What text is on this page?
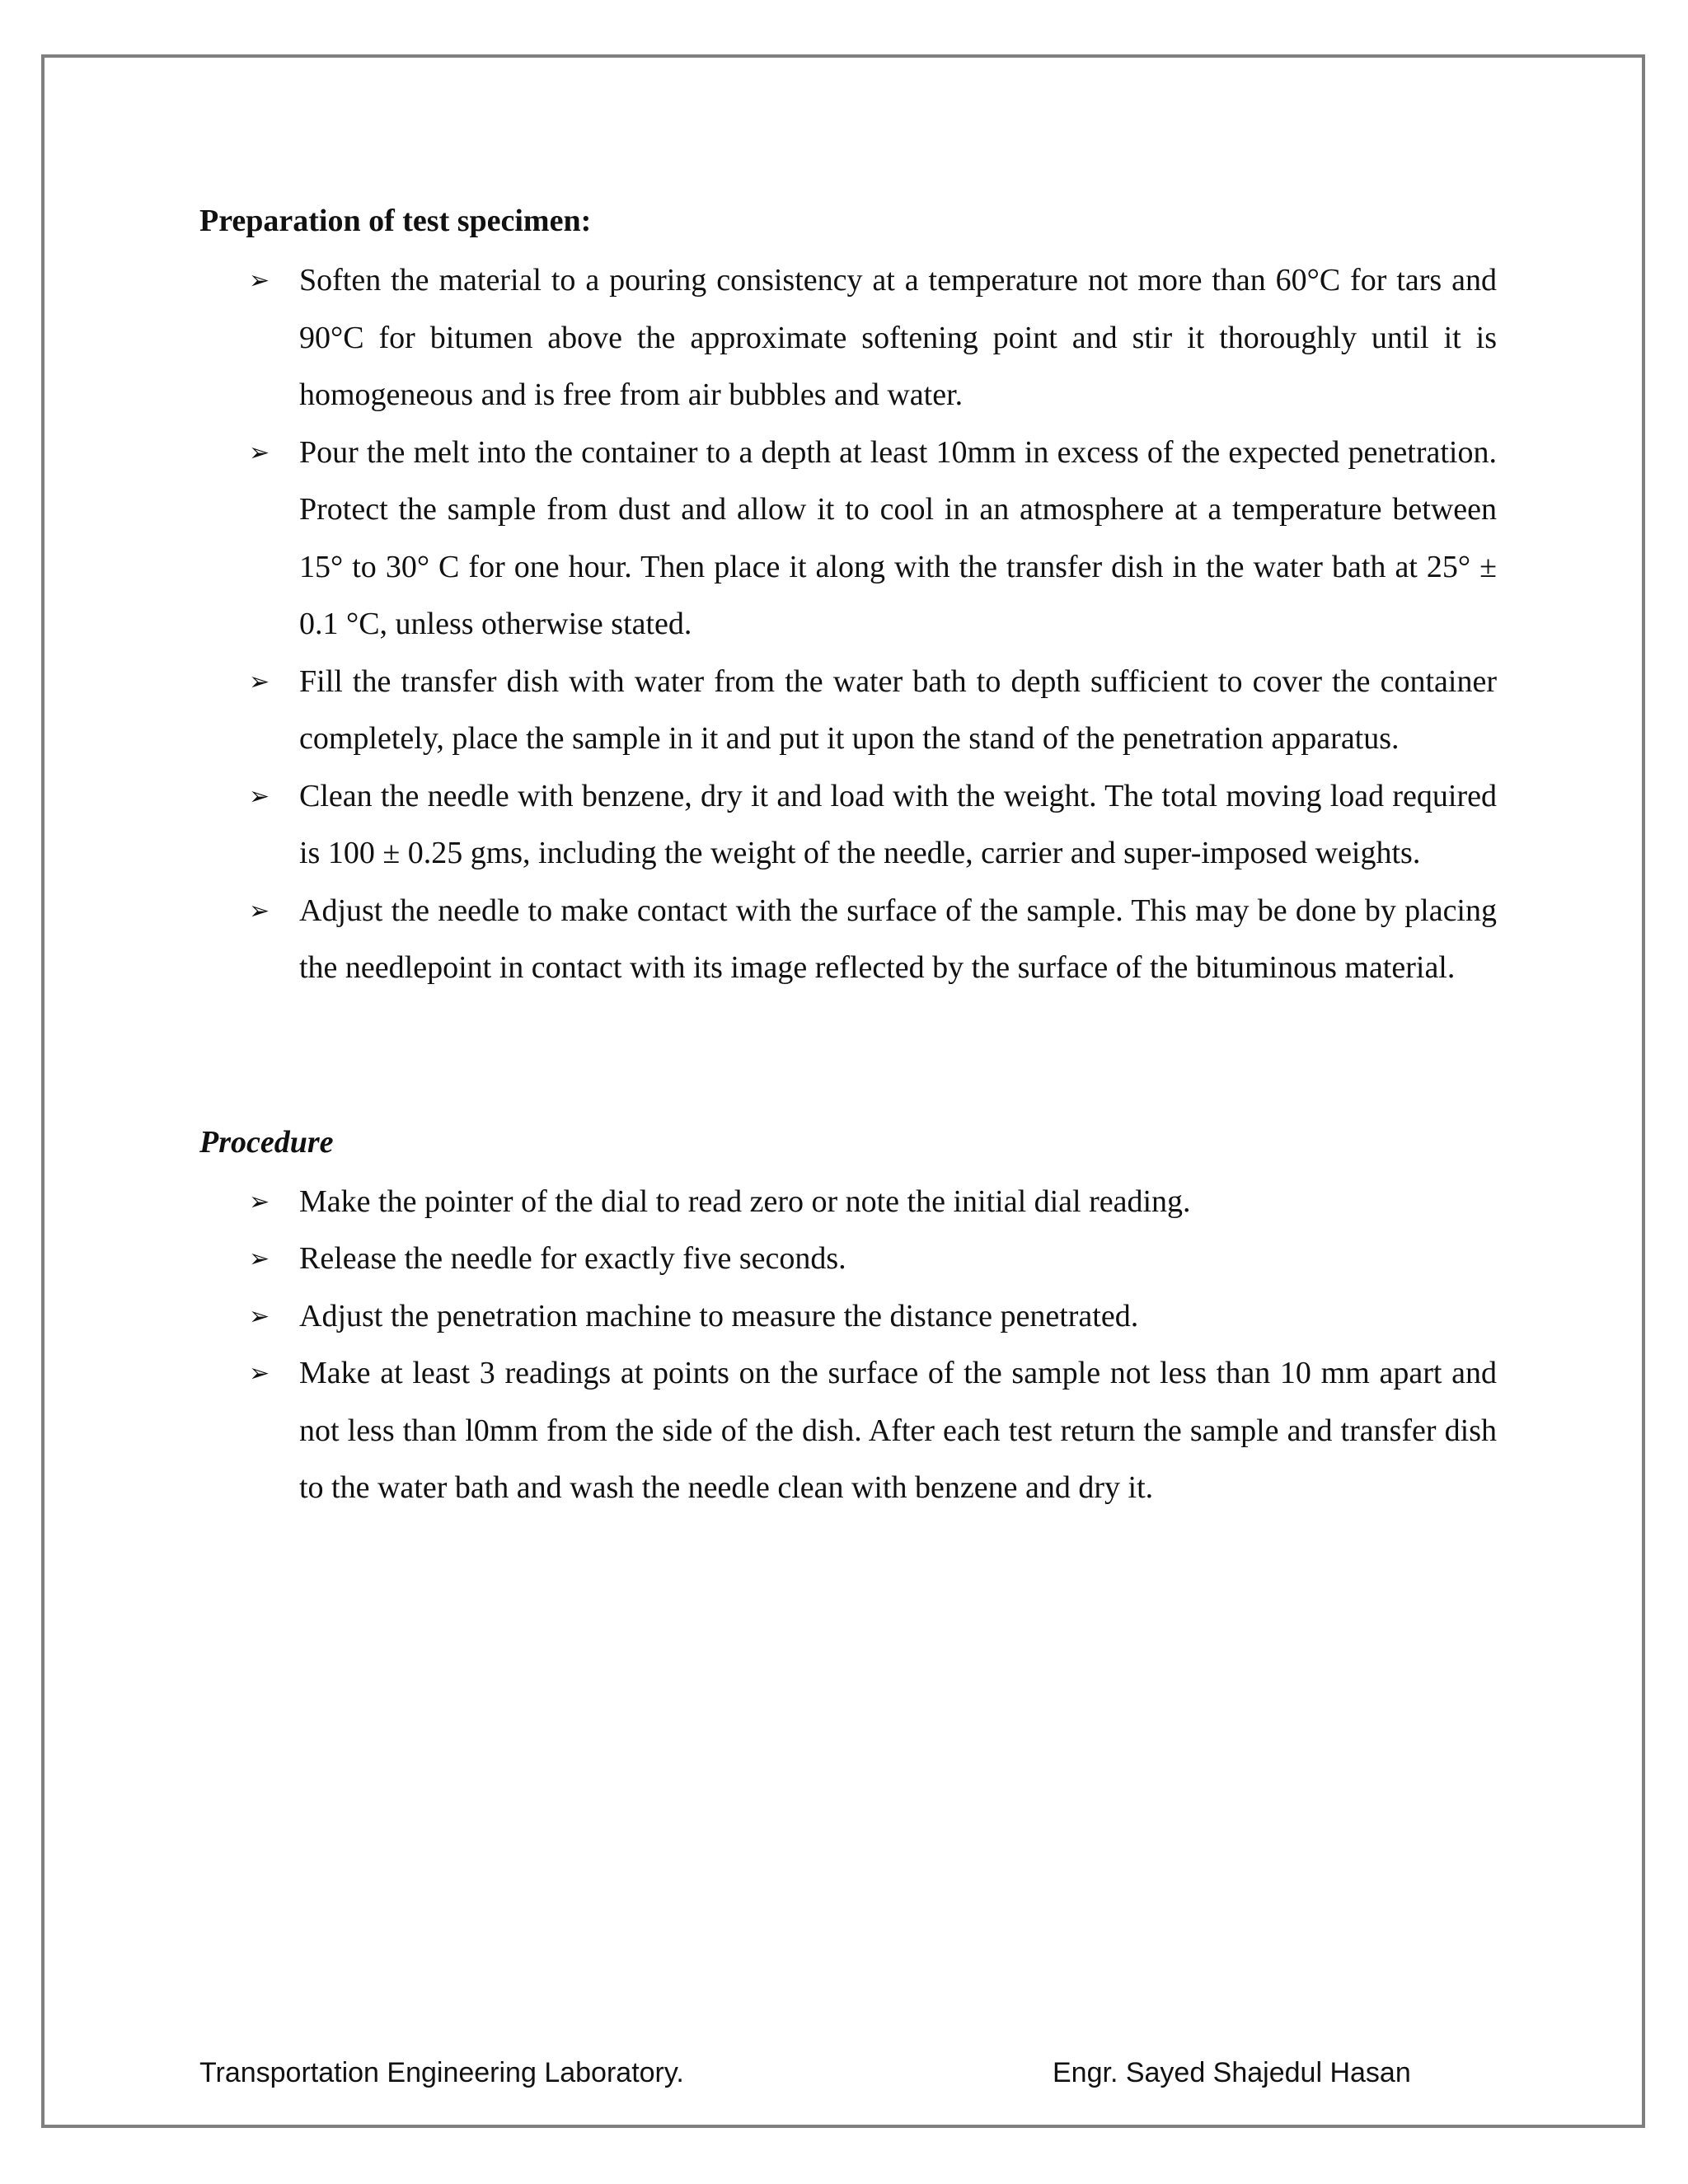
Preparation of test specimen:
➢ Soften the material to a pouring consistency at a temperature not more than 60°C for tars and 90°C for bitumen above the approximate softening point and stir it thoroughly until it is homogeneous and is free from air bubbles and water.
➢ Pour the melt into the container to a depth at least 10mm in excess of the expected penetration. Protect the sample from dust and allow it to cool in an atmosphere at a temperature between 15° to 30° C for one hour. Then place it along with the transfer dish in the water bath at 25° ± 0.1 °C, unless otherwise stated.
➢ Fill the transfer dish with water from the water bath to depth sufficient to cover the container completely, place the sample in it and put it upon the stand of the penetration apparatus.
➢ Clean the needle with benzene, dry it and load with the weight. The total moving load required is 100 ± 0.25 gms, including the weight of the needle, carrier and super-imposed weights.
➢ Adjust the needle to make contact with the surface of the sample. This may be done by placing the needlepoint in contact with its image reflected by the surface of the bituminous material.
Procedure
➢ Make the pointer of the dial to read zero or note the initial dial reading.
➢ Release the needle for exactly five seconds.
➢ Adjust the penetration machine to measure the distance penetrated.
➢ Make at least 3 readings at points on the surface of the sample not less than 10 mm apart and not less than l0mm from the side of the dish. After each test return the sample and transfer dish to the water bath and wash the needle clean with benzene and dry it.
Transportation Engineering Laboratory.	Engr. Sayed Shajedul Hasan
